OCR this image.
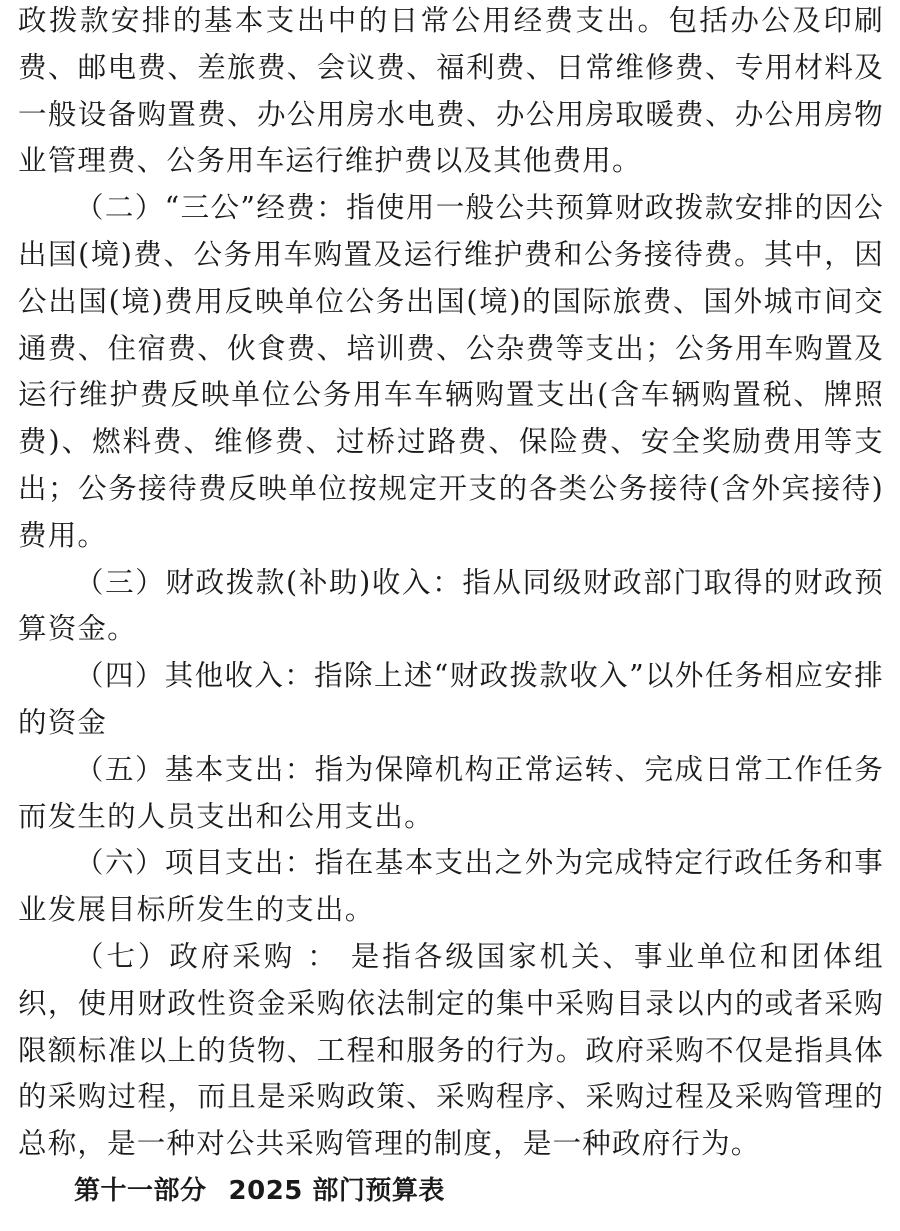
政拨款安排的基本支出中的日常公用经费支出。包括办公及印刷费、邮电费、差旅费、会议费、福利费、日常维修费、专用材料及一般设备购置费、办公用房水电费、办公用房取暖费、办公用房物业管理费、公务用车运行维护费以及其他费用。

（二）“三公”经费：指使用一般公共预算财政拨款安排的因公出国(境)费、公务用车购置及运行维护费和公务接待费。其中，因公出国(境)费用反映单位公务出国(境)的国际旅费、国外城市间交通费、住宿费、伙食费、培训费、公杂费等支出；公务用车购置及运行维护费反映单位公务用车车辆购置支出(含车辆购置税、牌照费)、燃料费、维修费、过桥过路费、保险费、安全奖励费用等支出；公务接待费反映单位按规定开支的各类公务接待(含外宾接待)费用。

（三）财政拨款(补助)收入：指从同级财政部门取得的财政预算资金。

（四）其他收入：指除上述“财政拨款收入”以外任务相应安排的资金

（五）基本支出：指为保障机构正常运转、完成日常工作任务而发生的人员支出和公用支出。

（六）项目支出：指在基本支出之外为完成特定行政任务和事业发展目标所发生的支出。

（七）政府采购 ： 是指各级国家机关、事业单位和团体组织，使用财政性资金采购依法制定的集中采购目录以内的或者采购限额标准以上的货物、工程和服务的行为。政府采购不仅是指具体的采购过程，而且是采购政策、采购程序、采购过程及采购管理的总称，是一种对公共采购管理的制度，是一种政府行为。

第十一部分 2025 部门预算表
